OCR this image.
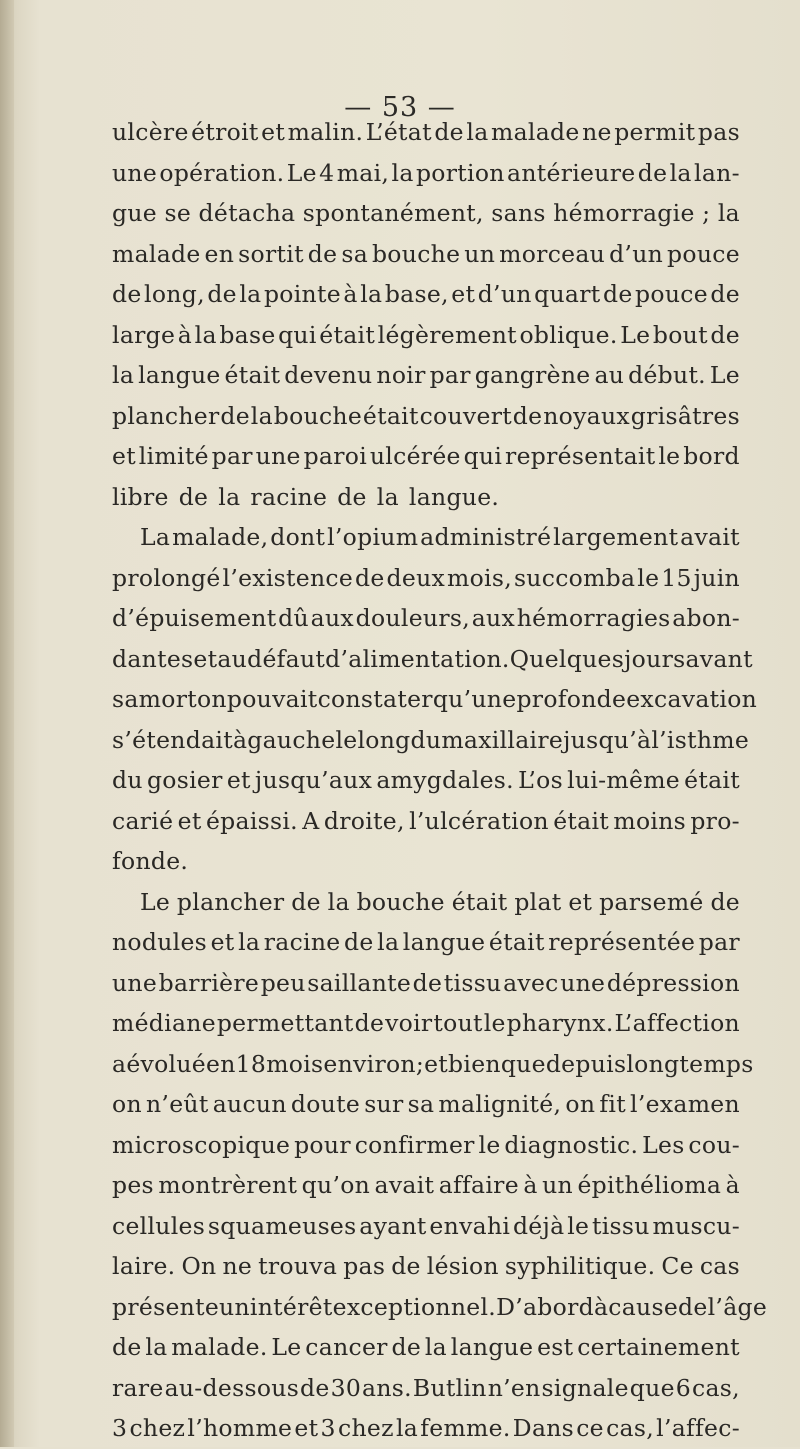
— 53 —
ulcère étroit et malin. L’état de la malade ne permit pas
une opération. Le 4 mai, la portion antérieure de la lan-
gue se détacha spontanément, sans hémorragie ; la
malade en sortit de sa bouche un morceau d’un pouce
de long, de la pointe à la base, et d’un quart de pouce de
large à la base qui était légèrement oblique. Le bout de
la langue était devenu noir par gangrène au début. Le
plancher de la bouche était couvert de noyaux grisâtres
et limité par une paroi ulcérée qui représentait le bord
libre de la racine de la langue.
La malade, dont l’opium administré largement avait
prolongé l’existence de deux mois, succomba le 15 juin
d’épuisement dû aux douleurs, aux hémorragies abon-
dantes et au défaut d’alimentation. Quelques jours avant
sa mort on pouvait constater qu’une profonde excavation
s’étendait à gauche le long du maxillaire jusqu’à l’isthme
du gosier et jusqu’aux amygdales. L’os lui-même était
carié et épaissi. A droite, l’ulcération était moins pro-
fonde.
Le plancher de la bouche était plat et parsemé de
nodules et la racine de la langue était représentée par
une barrière peu saillante de tissu avec une dépression
médiane permettant de voir tout le pharynx. L’affection
a évolué en 18 mois environ ; et bien que depuis longtemps
on n’eût aucun doute sur sa malignité, on fit l’examen
microscopique pour confirmer le diagnostic. Les cou-
pes montrèrent qu’on avait affaire à un épithélioma à
cellules squameuses ayant envahi déjà le tissu muscu-
laire. On ne trouva pas de lésion syphilitique. Ce cas
présente un intérêt exceptionnel. D’abord à cause de l’âge
de la malade. Le cancer de la langue est certainement
rare au-dessous de 30 ans. Butlin n’en signale que 6 cas,
3 chez l’homme et 3 chez la femme. Dans ce cas, l’affec-
